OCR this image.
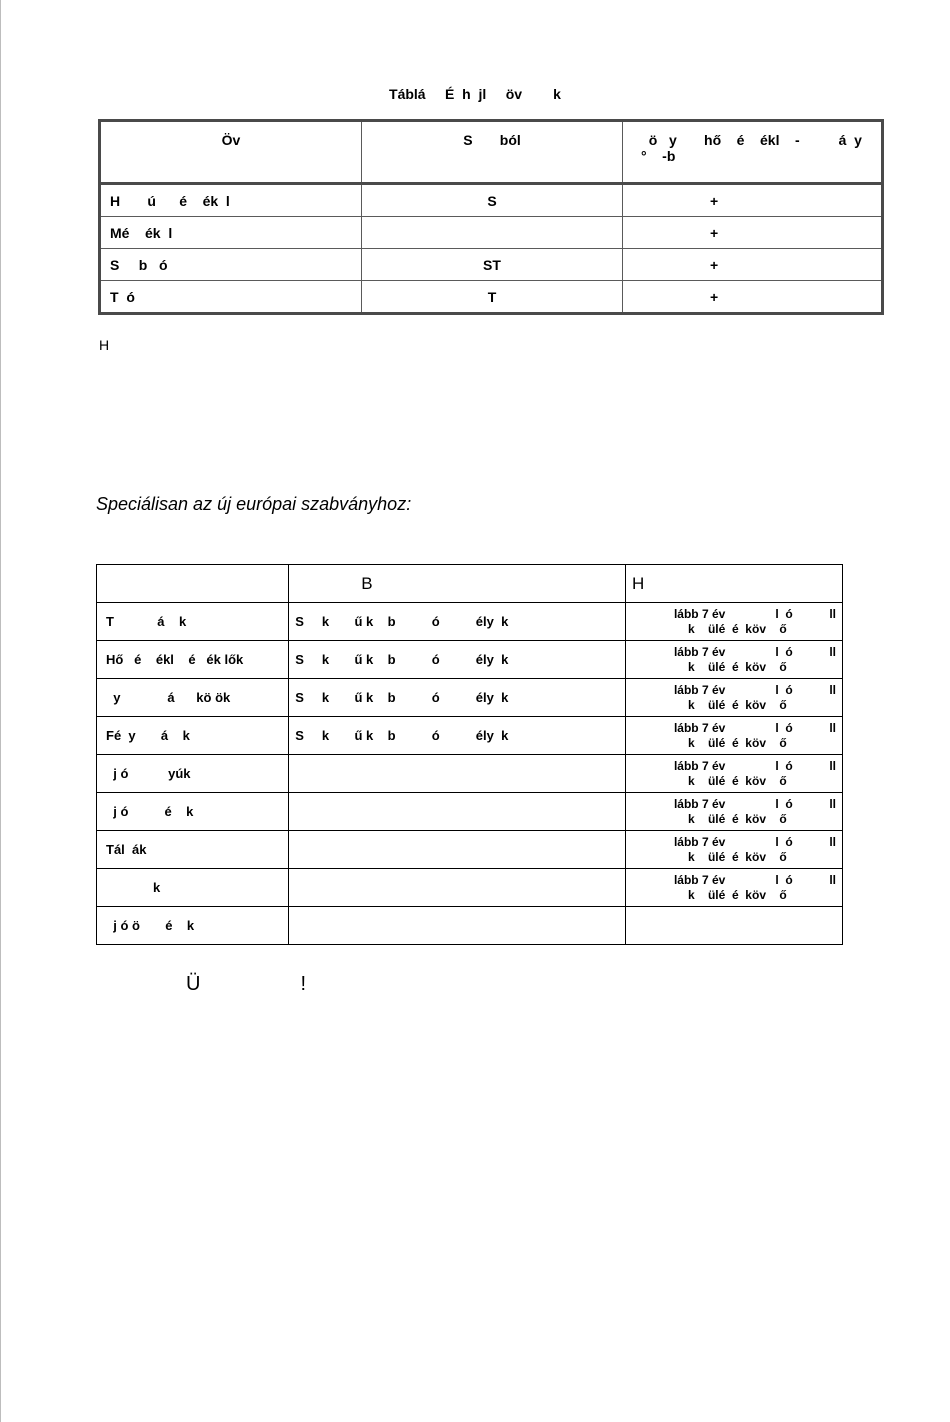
Táblá     É  h  jl     öv        k
Öv	S       ból	ö   y       hő    é    ékl    -          á  y
°    -b
H       ú      é    ék  l	S	+
Mé    ék  l		+
S     b   ó	ST	+
T  ó	T	+
H
Speciálisan az új európai szabványhoz:
	B	H
T            á    k	S     k       ű k    b          ó          ély  k	lább 7 év               l  ó           ll
k    ülé  é  köv    ő

Hő   é    ékl    é   ék lők	S     k       ű k    b          ó          ély  k	lább 7 év               l  ó           ll
k    ülé  é  köv    ő

y             á      kö ök	S     k       ű k    b          ó          ély  k	lább 7 év               l  ó           ll
k    ülé  é  köv    ő

Fé  y       á    k	S     k       ű k    b          ó          ély  k	lább 7 év               l  ó           ll
k    ülé  é  köv    ő

j ó           yúk		lább 7 év               l  ó           ll
k    ülé  é  köv    ő

j ó          é    k		lább 7 év               l  ó           ll
k    ülé  é  köv    ő

Tál  ák		lább 7 év               l  ó           ll
k    ülé  é  köv    ő

k		lább 7 év               l  ó           ll
k    ülé  é  köv    ő

j ó ö       é    k		
Ü                  !
